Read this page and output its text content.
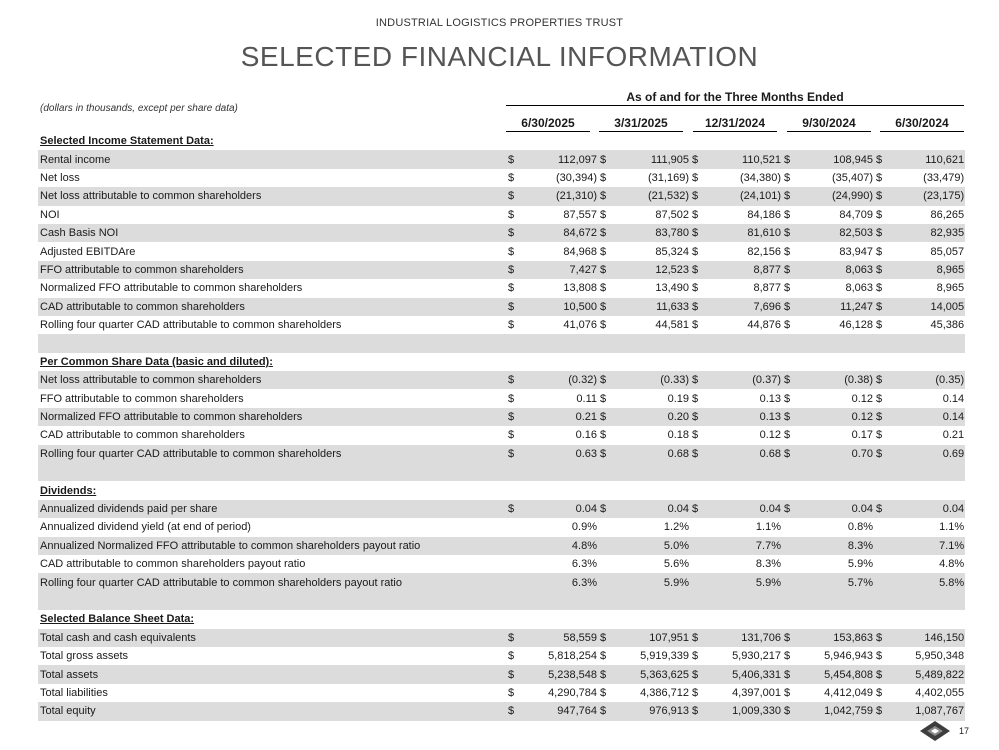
INDUSTRIAL LOGISTICS PROPERTIES TRUST
SELECTED FINANCIAL INFORMATION
(dollars in thousands, except per share data)
As of and for the Three Months Ended
6/30/2025	3/31/2025	12/31/2024	9/30/2024	6/30/2024
Selected Income Statement Data:										
Rental income	$	112,097	$	111,905	$	110,521	$	108,945	$	110,621
Net loss	$	(30,394)	$	(31,169)	$	(34,380)	$	(35,407)	$	(33,479)
Net loss attributable to common shareholders	$	(21,310)	$	(21,532)	$	(24,101)	$	(24,990)	$	(23,175)
NOI	$	87,557	$	87,502	$	84,186	$	84,709	$	86,265
Cash Basis NOI	$	84,672	$	83,780	$	81,610	$	82,503	$	82,935
Adjusted EBITDAre	$	84,968	$	85,324	$	82,156	$	83,947	$	85,057
FFO attributable to common shareholders	$	7,427	$	12,523	$	8,877	$	8,063	$	8,965
Normalized FFO attributable to common shareholders	$	13,808	$	13,490	$	8,877	$	8,063	$	8,965
CAD attributable to common shareholders	$	10,500	$	11,633	$	7,696	$	11,247	$	14,005
Rolling four quarter CAD attributable to common shareholders	$	41,076	$	44,581	$	44,876	$	46,128	$	45,386

Per Common Share Data (basic and diluted):										
Net loss attributable to common shareholders	$	(0.32)	$	(0.33)	$	(0.37)	$	(0.38)	$	(0.35)
FFO attributable to common shareholders	$	0.11	$	0.19	$	0.13	$	0.12	$	0.14
Normalized FFO attributable to common shareholders	$	0.21	$	0.20	$	0.13	$	0.12	$	0.14
CAD attributable to common shareholders	$	0.16	$	0.18	$	0.12	$	0.17	$	0.21
Rolling four quarter CAD attributable to common shareholders	$	0.63	$	0.68	$	0.68	$	0.70	$	0.69

Dividends:										
Annualized dividends paid per share	$	0.04	$	0.04	$	0.04	$	0.04	$	0.04
Annualized dividend yield (at end of period)		0.9%		1.2%		1.1%		0.8%		1.1%
Annualized Normalized FFO attributable to common shareholders payout ratio		4.8%		5.0%		7.7%		8.3%		7.1%
CAD attributable to common shareholders payout ratio		6.3%		5.6%		8.3%		5.9%		4.8%
Rolling four quarter CAD attributable to common shareholders payout ratio		6.3%		5.9%		5.9%		5.7%		5.8%

Selected Balance Sheet Data:										
Total cash and cash equivalents	$	58,559	$	107,951	$	131,706	$	153,863	$	146,150
Total gross assets	$	5,818,254	$	5,919,339	$	5,930,217	$	5,946,943	$	5,950,348
Total assets	$	5,238,548	$	5,363,625	$	5,406,331	$	5,454,808	$	5,489,822
Total liabilities	$	4,290,784	$	4,386,712	$	4,397,001	$	4,412,049	$	4,402,055
Total equity	$	947,764	$	976,913	$	1,009,330	$	1,042,759	$	1,087,767
17
